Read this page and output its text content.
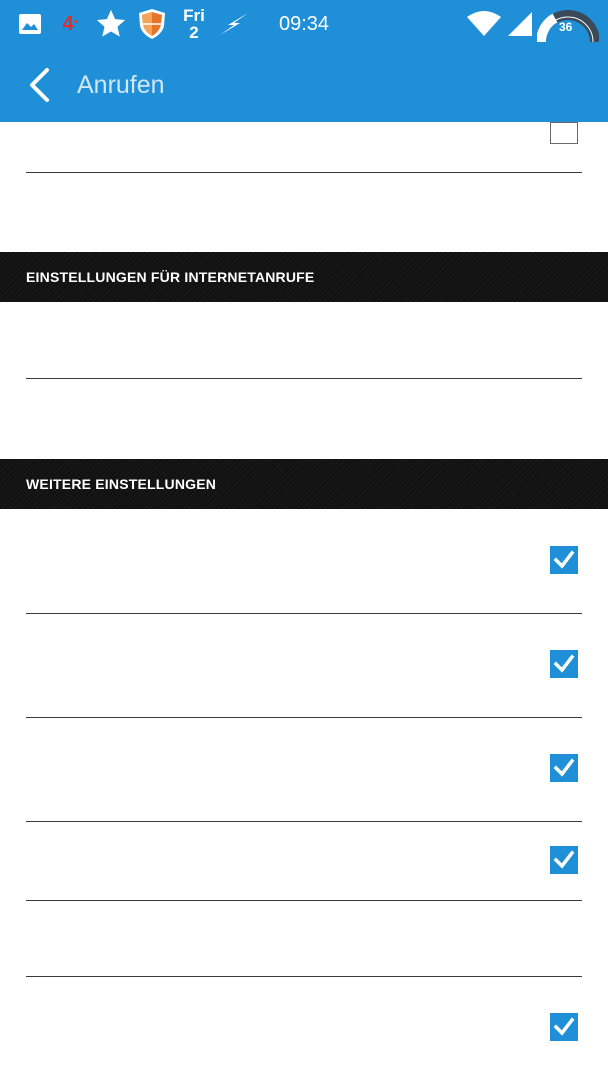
4 °	Fri
2	09:34	36
Anrufen
EINSTELLUNGEN FÜR INTERNETANRUFE
WEITERE EINSTELLUNGEN
